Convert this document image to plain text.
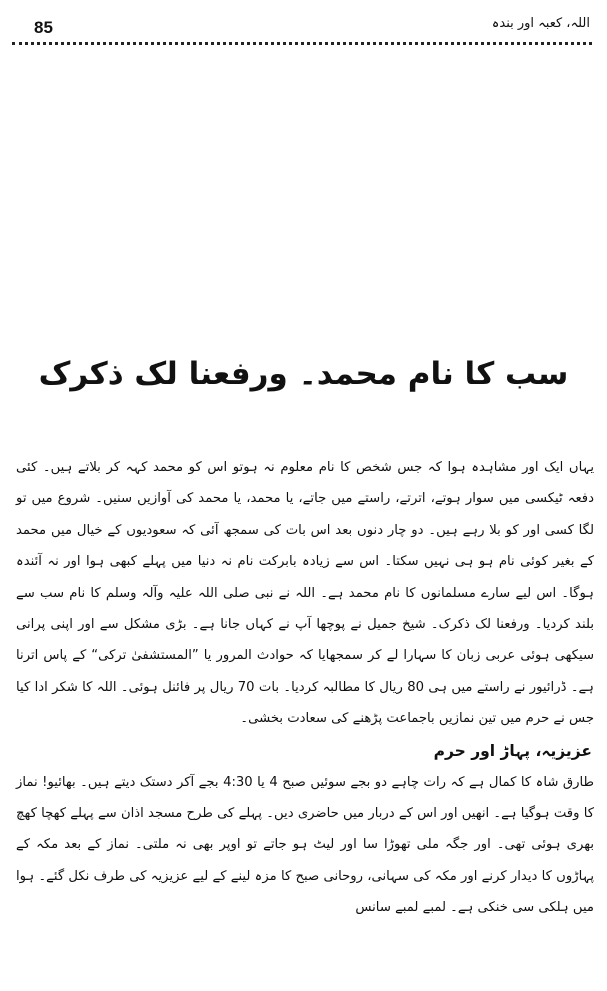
85	اللہ، کعبہ اور بندہ
سب کا نام محمد۔ ورفعنا لک ذکرک

یہاں ایک اور مشاہدہ ہوا کہ جس شخص کا نام معلوم نہ ہوتو اس کو محمد کہہ کر بلاتے ہیں۔ کئی دفعہ ٹیکسی میں سوار ہوتے، اترتے، راستے میں جاتے، یا محمد، یا محمد کی آوازیں سنیں۔ شروع میں تو لگا کسی اور کو بلا رہے ہیں۔ دو چار دنوں بعد اس بات کی سمجھ آئی کہ سعودیوں کے خیال میں محمد کے بغیر کوئی نام ہو ہی نہیں سکتا۔ اس سے زیادہ بابرکت نام نہ دنیا میں پہلے کبھی ہوا اور نہ آئندہ ہوگا۔ اس لیے سارے مسلمانوں کا نام محمد ہے۔ اللہ نے نبی صلی اللہ علیہ وآلہ وسلم کا نام سب سے بلند کردیا۔ ورفعنا لک ذکرک۔ شیخ جمیل نے پوچھا آپ نے کہاں جانا ہے۔ بڑی مشکل سے اور اپنی پرانی سیکھی ہوئی عربی زبان کا سہارا لے کر سمجھایا کہ حوادث المرور یا ”المستشفیٰ ترکی“ کے پاس اترنا ہے۔ ڈرائیور نے راستے میں ہی 80 ریال کا مطالبہ کردیا۔ بات 70 ریال پر فائنل ہوئی۔ اللہ کا شکر ادا کیا جس نے حرم میں تین نمازیں باجماعت پڑھنے کی سعادت بخشی۔

عزیزیہ، پہاڑ اور حرم

طارق شاہ کا کمال ہے کہ رات چاہے دو بجے سوئیں صبح 4 یا 4:30 بجے آکر دستک دیتے ہیں۔ بھائیو! نماز کا وقت ہوگیا ہے۔ انھیں اور اس کے دربار میں حاضری دیں۔ پہلے کی طرح مسجد اذان سے پہلے کھچا کھچ بھری ہوئی تھی۔ اور جگہ ملی تھوڑا سا اور لیٹ ہو جاتے تو اوپر بھی نہ ملتی۔ نماز کے بعد مکہ کے پہاڑوں کا دیدار کرنے اور مکہ کی سہانی، روحانی صبح کا مزہ لینے کے لیے عزیزیہ کی طرف نکل گئے۔ ہوا میں ہلکی سی خنکی ہے۔ لمبے لمبے سانس
